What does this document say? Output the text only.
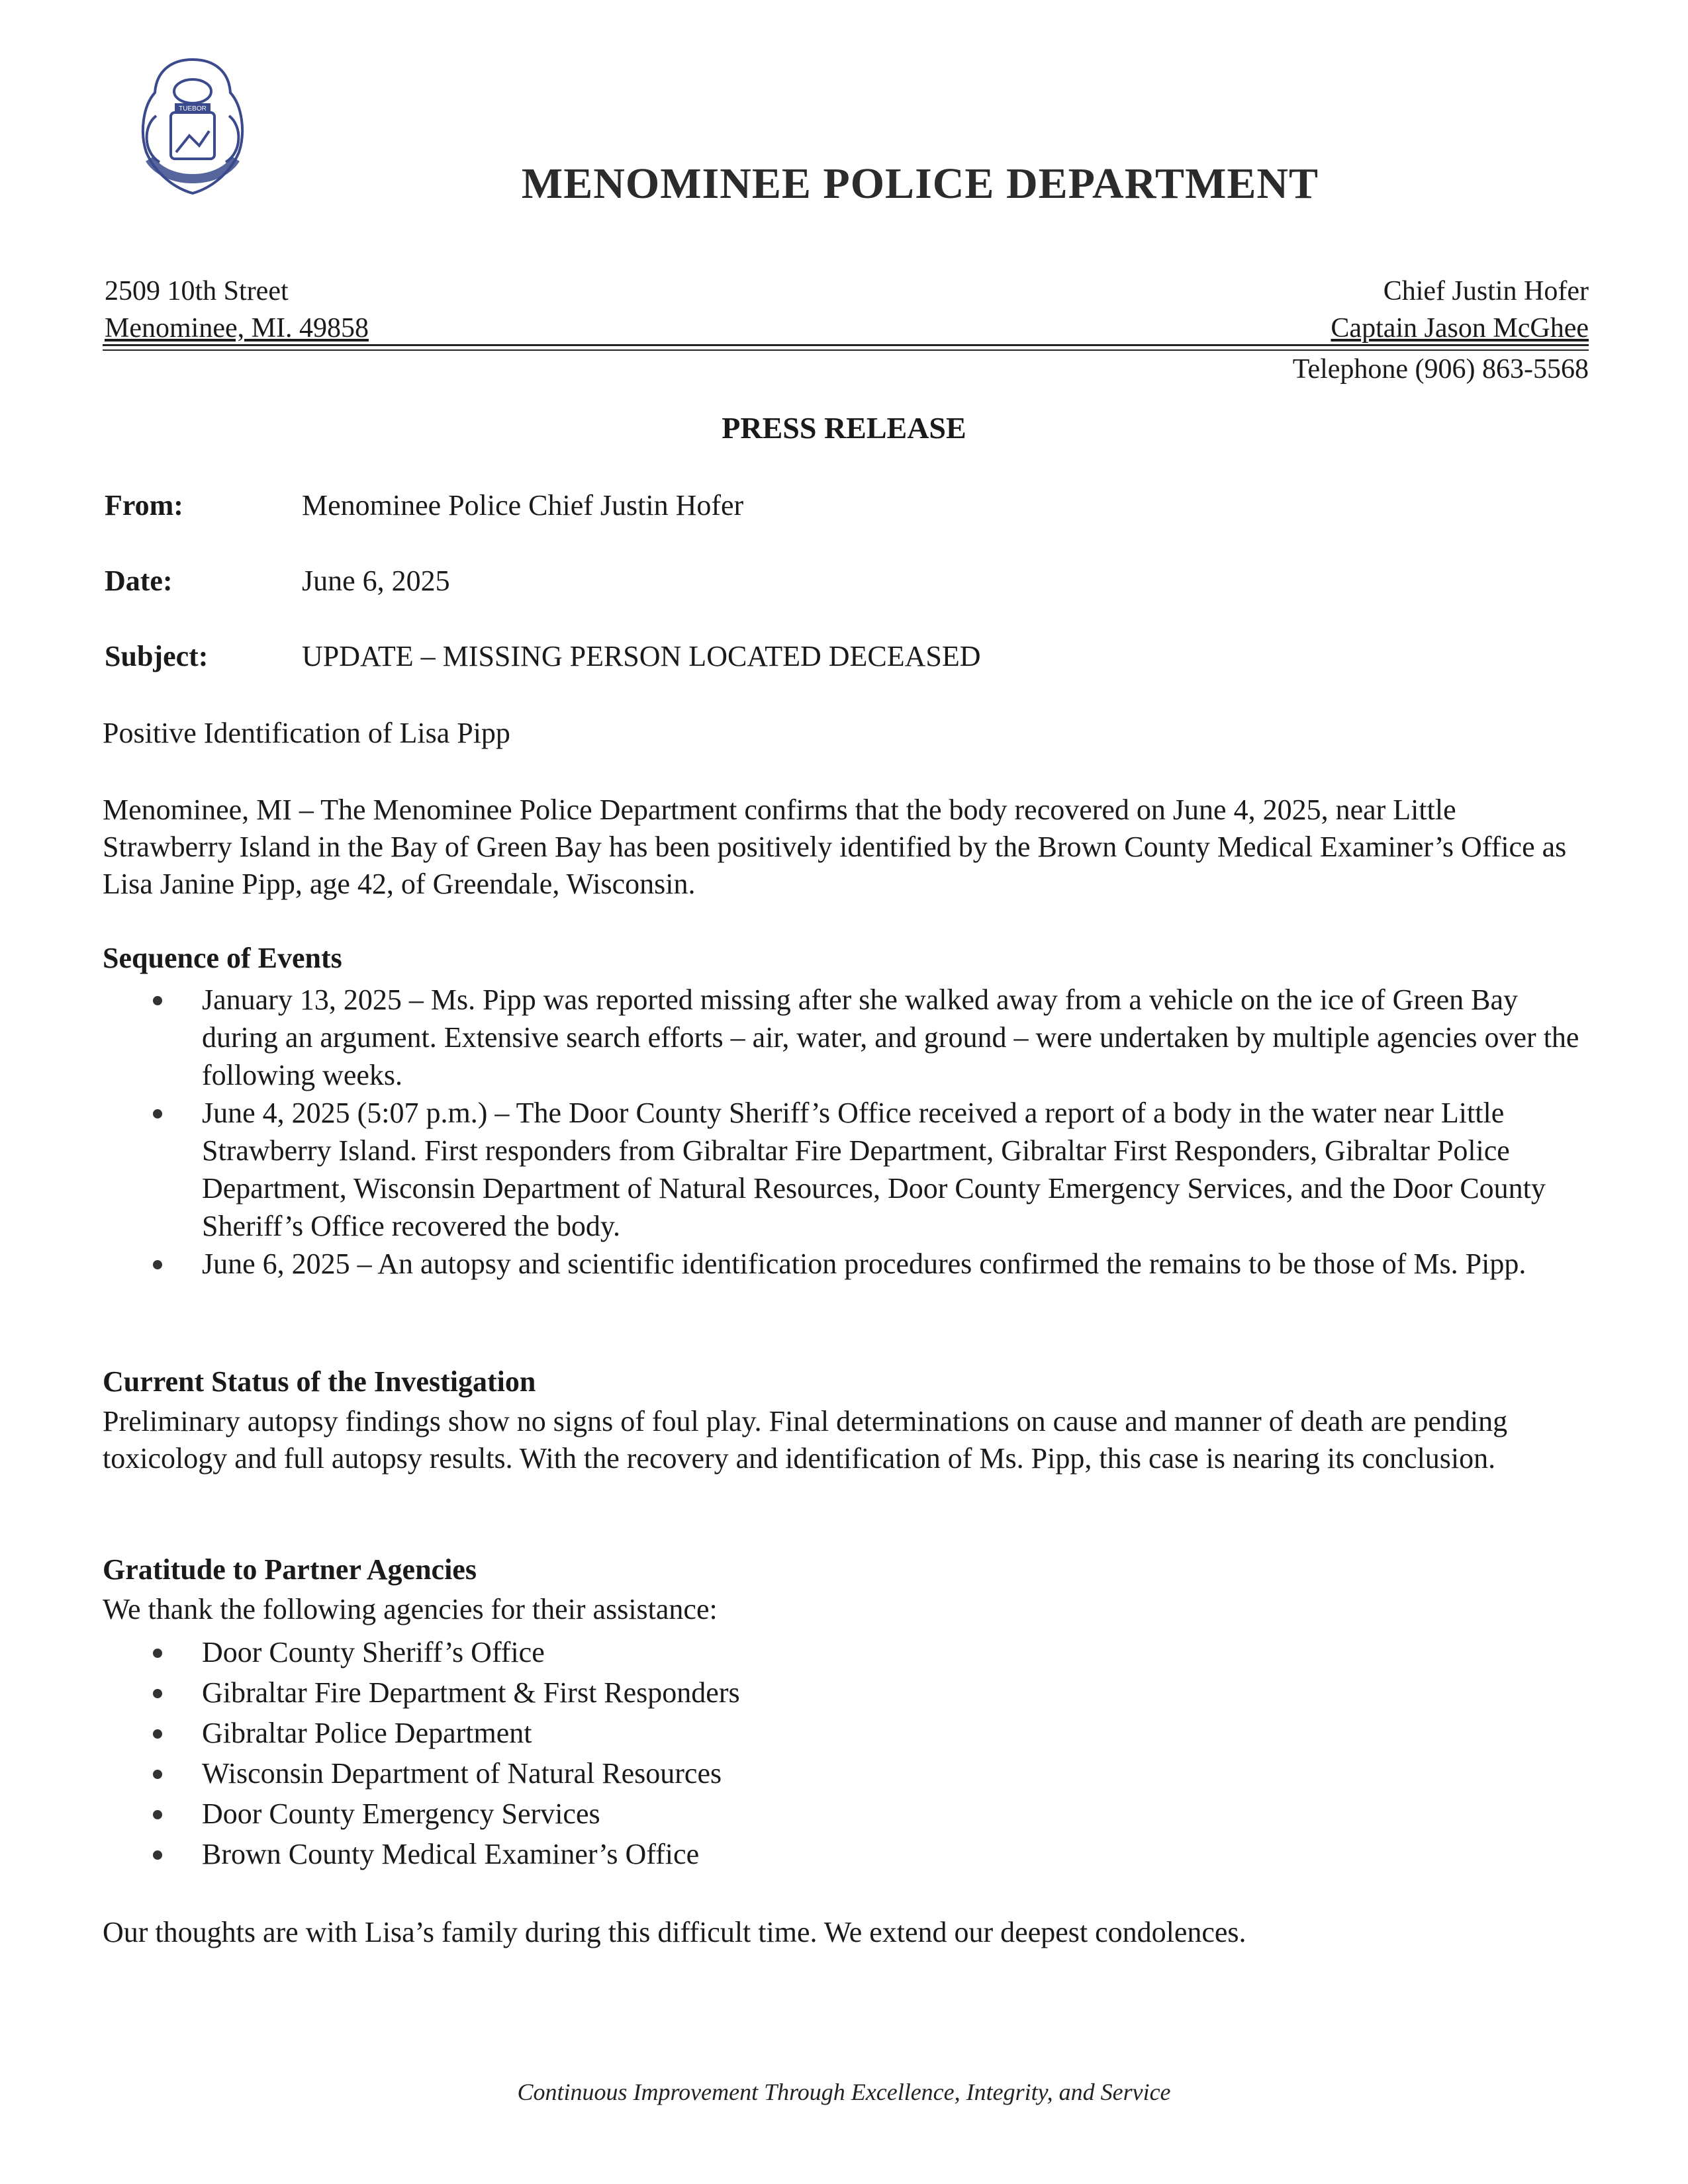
TUEBOR
MENOMINEE POLICE DEPARTMENT
2509 10th Street
Menominee, MI. 49858
Chief Justin Hofer
Captain Jason McGhee
Telephone (906) 863-5568
PRESS RELEASE
From:	Menominee Police Chief Justin Hofer
Date:	June 6, 2025
Subject:	UPDATE – MISSING PERSON LOCATED DECEASED
Positive Identification of Lisa Pipp
Menominee, MI – The Menominee Police Department confirms that the body recovered on June 4, 2025, near Little Strawberry Island in the Bay of Green Bay has been positively identified by the Brown County Medical Examiner’s Office as Lisa Janine Pipp, age 42, of Greendale, Wisconsin.
Sequence of Events
January 13, 2025 – Ms. Pipp was reported missing after she walked away from a vehicle on the ice of Green Bay during an argument. Extensive search efforts – air, water, and ground – were undertaken by multiple agencies over the following weeks.
June 4, 2025 (5:07 p.m.) – The Door County Sheriff’s Office received a report of a body in the water near Little Strawberry Island. First responders from Gibraltar Fire Department, Gibraltar First Responders, Gibraltar Police Department, Wisconsin Department of Natural Resources, Door County Emergency Services, and the Door County Sheriff’s Office recovered the body.
June 6, 2025 – An autopsy and scientific identification procedures confirmed the remains to be those of Ms. Pipp.
Current Status of the Investigation
Preliminary autopsy findings show no signs of foul play. Final determinations on cause and manner of death are pending toxicology and full autopsy results. With the recovery and identification of Ms. Pipp, this case is nearing its conclusion.
Gratitude to Partner Agencies
We thank the following agencies for their assistance:
Door County Sheriff’s Office
Gibraltar Fire Department & First Responders
Gibraltar Police Department
Wisconsin Department of Natural Resources
Door County Emergency Services
Brown County Medical Examiner’s Office
Our thoughts are with Lisa’s family during this difficult time. We extend our deepest condolences.
Continuous Improvement Through Excellence, Integrity, and Service
